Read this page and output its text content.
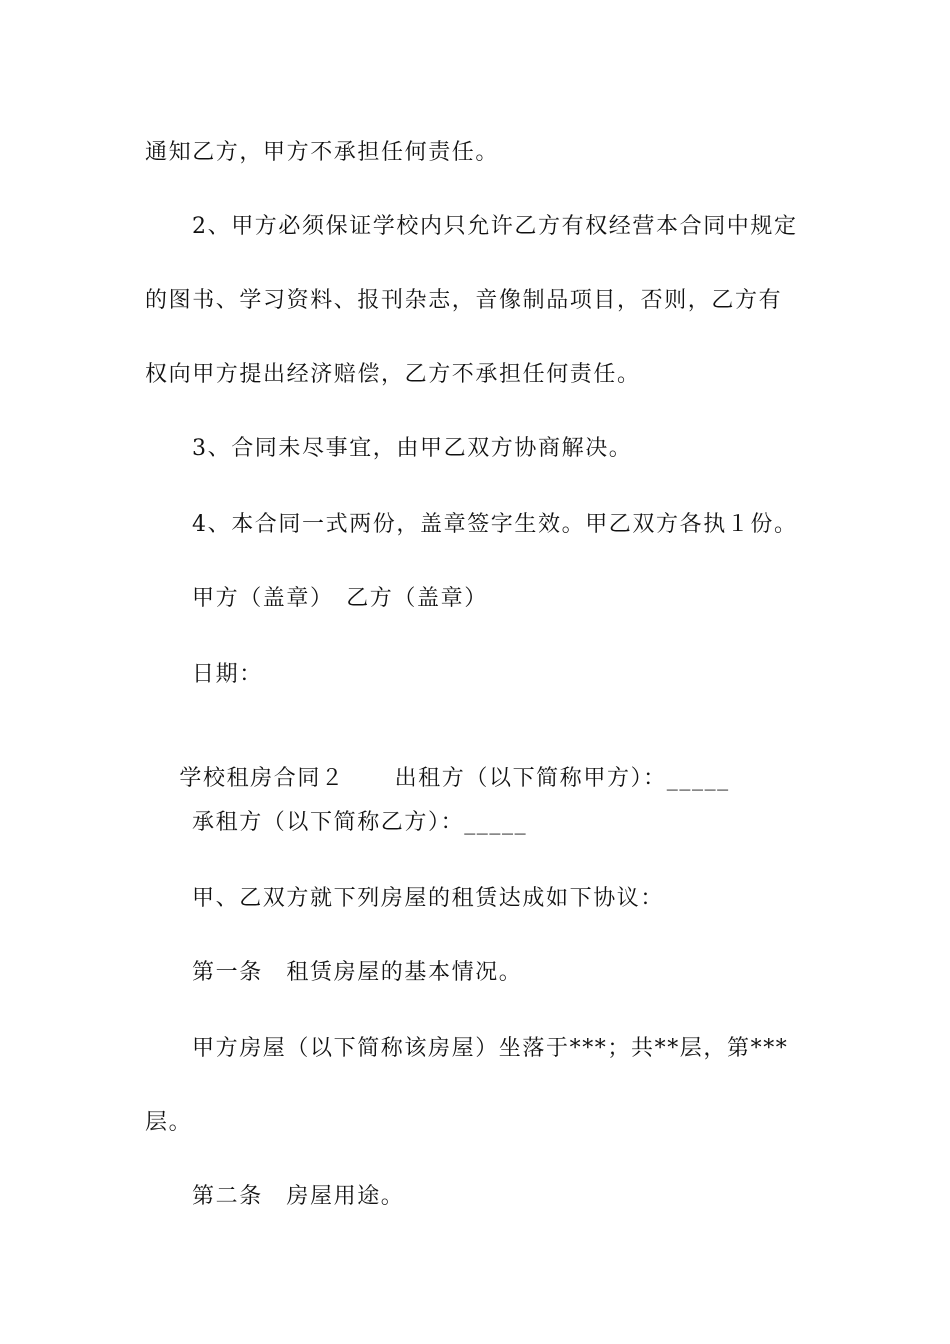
通知乙方，甲方不承担任何责任。
2、甲方必须保证学校内只允许乙方有权经营本合同中规定
的图书、学习资料、报刊杂志，音像制品项目，否则，乙方有
权向甲方提出经济赔偿，乙方不承担任何责任。
3、合同未尽事宜，由甲乙双方协商解决。
4、本合同一式两份，盖章签字生效。甲乙双方各执１份。
甲方（盖章）　乙方（盖章）
日期：

学校租房合同２ 出租方（以下简称甲方）：_____

承租方（以下简称乙方）：_____
甲、乙双方就下列房屋的租赁达成如下协议：
第一条　租赁房屋的基本情况。
甲方房屋（以下简称该房屋）坐落于***；共**层，第***
层。
第二条　房屋用途。
